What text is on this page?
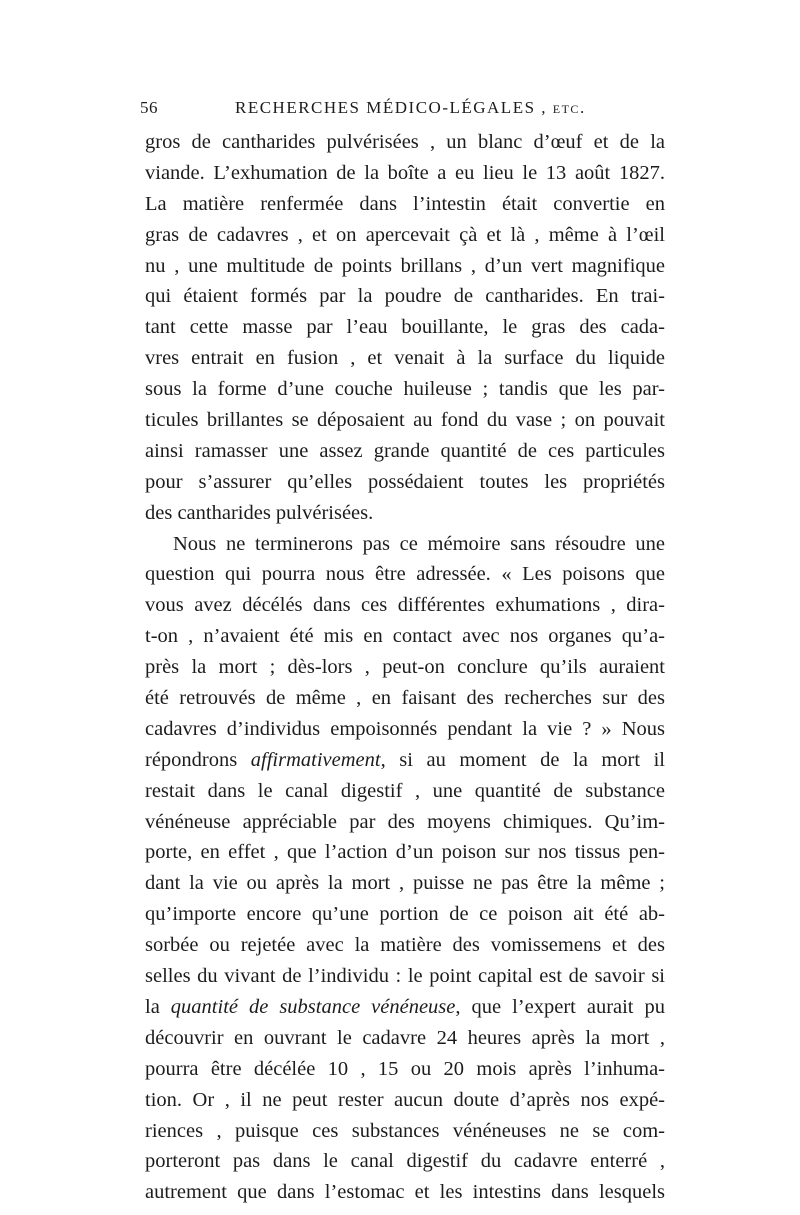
56	RECHERCHES MÉDICO-LÉGALES , etc.
gros de cantharides pulvérisées , un blanc d’œuf et de la
viande. L’exhumation de la boîte a eu lieu le 13 août 1827.
La matière renfermée dans l’intestin était convertie en
gras de cadavres , et on apercevait çà et là , même à l’œil
nu , une multitude de points brillans , d’un vert magnifique
qui étaient formés par la poudre de cantharides. En trai-
tant cette masse par l’eau bouillante, le gras des cada-
vres entrait en fusion , et venait à la surface du liquide
sous la forme d’une couche huileuse ; tandis que les par-
ticules brillantes se déposaient au fond du vase ; on pouvait
ainsi ramasser une assez grande quantité de ces particules
pour s’assurer qu’elles possédaient toutes les propriétés
des cantharides pulvérisées.
Nous ne terminerons pas ce mémoire sans résoudre une
question qui pourra nous être adressée. « Les poisons que
vous avez décélés dans ces différentes exhumations , dira-
t-on , n’avaient été mis en contact avec nos organes qu’a-
près la mort ; dès-lors , peut-on conclure qu’ils auraient
été retrouvés de même , en faisant des recherches sur des
cadavres d’individus empoisonnés pendant la vie ? » Nous
répondrons affirmativement, si au moment de la mort il
restait dans le canal digestif , une quantité de substance
vénéneuse appréciable par des moyens chimiques. Qu’im-
porte, en effet , que l’action d’un poison sur nos tissus pen-
dant la vie ou après la mort , puisse ne pas être la même ;
qu’importe encore qu’une portion de ce poison ait été ab-
sorbée ou rejetée avec la matière des vomissemens et des
selles du vivant de l’individu : le point capital est de savoir si
la quantité de substance vénéneuse, que l’expert aurait pu
découvrir en ouvrant le cadavre 24 heures après la mort ,
pourra être décélée 10 , 15 ou 20 mois après l’inhuma-
tion. Or , il ne peut rester aucun doute d’après nos expé-
riences , puisque ces substances vénéneuses ne se com-
porteront pas dans le canal digestif du cadavre enterré ,
autrement que dans l’estomac et les intestins dans lesquels
